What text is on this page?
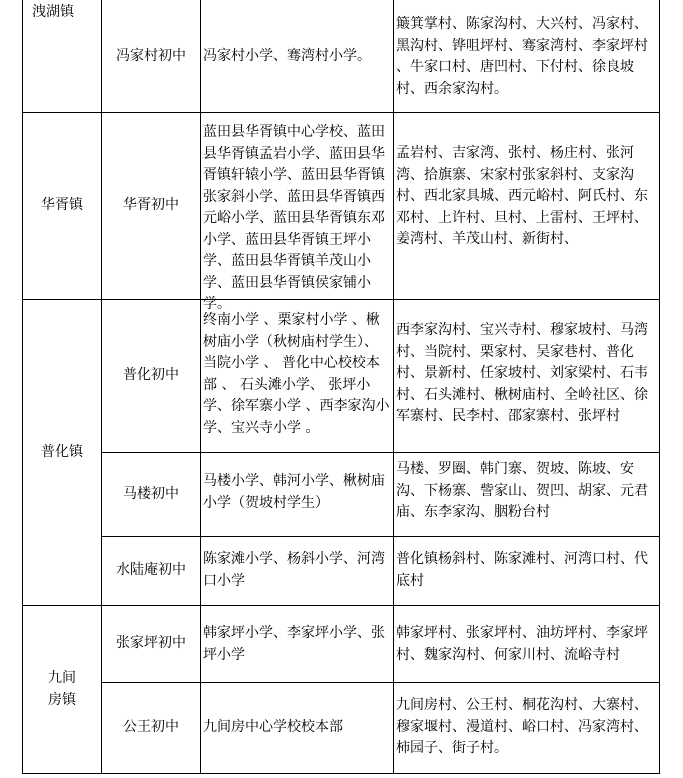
洩湖镇
冯家村初中 冯家村小学、骞湾村小学。
簸箕掌村、陈家沟村、大兴村、冯家村、黑沟村、铧咀坪村、骞家湾村、李家坪村 、牛家口村、唐凹村、下付村、徐良坡村、西余家沟村。
华胥镇	华胥初中
蓝田县华胥镇中心学校、蓝田县华胥镇孟岩小学、蓝田县华胥镇轩辕小学、蓝田县华胥镇张家斜小学、蓝田县华胥镇西元峪小学、蓝田县华胥镇东邓小学、蓝田县华胥镇王坪小学、蓝田县华胥镇羊茂山小学、蓝田县华胥镇侯家铺小学。
孟岩村、吉家湾、张村、杨庄村、张河湾、拾旗寨、宋家村张家斜村、支家沟村、西北家具城、西元峪村、阿氏村、东邓村、上许村、旦村、上雷村、王坪村、姜湾村、羊茂山村、新街村、
普化镇
普化初中
终南小学 、栗家村小学 、楸树庙小学（秋树庙村学生）、当院小学 、 普化中心校校本部 、 石头滩小学、 张坪小学、徐军寨小学 、西李家沟小学、宝兴寺小学 。
西李家沟村、宝兴寺村、穆家坡村、马湾村、当院村、栗家村、吴家巷村、普化村、景新村、任家坡村、刘家梁村、石韦村、石头滩村、楸树庙村、全岭社区、徐军寨村、民李村、邵家寨村、张坪村
马楼初中
马楼小学、韩河小学、楸树庙小学（贺坡村学生）
马楼、罗圈、韩门寨、贺坡、陈坡、安沟、下杨寨、訾家山、贺凹、胡家、元君庙、东李家沟、胭粉台村
水陆庵初中
陈家滩小学、杨斜小学、河湾口小学
普化镇杨斜村、陈家滩村、河湾口村、代底村
九间房镇
张家坪初中
韩家坪小学、李家坪小学、张坪小学
韩家坪村、张家坪村、油坊坪村、李家坪村、魏家沟村、何家川村、流峪寺村
公王初中 九间房中心学校校本部
九间房村、公王村、桐花沟村、大寨村、穆家堰村、漫道村、峪口村、冯家湾村、柿园子、街子村。
